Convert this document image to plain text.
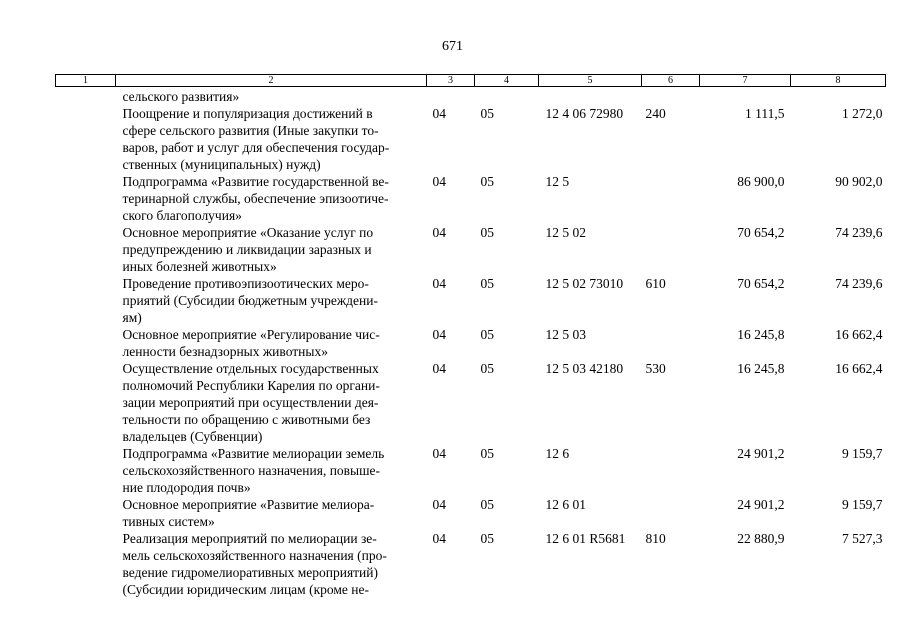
671
1	2	3	4	5	6	7	8

	сельского развития»						

	Поощрение и популяризация достижений в
сфере сельского развития (Иные закупки то-
варов, работ и услуг для обеспечения государ-
ственных (муниципальных) нужд)	04	05	12 4 06 72980	240	1 111,5	1 272,0

	Подпрограмма «Развитие государственной ве-
теринарной службы, обеспечение эпизоотиче-
ского благополучия»	04	05	12 5		86 900,0	90 902,0

	Основное мероприятие «Оказание услуг по
предупреждению и ликвидации заразных и
иных болезней животных»	04	05	12 5 02		70 654,2	74 239,6

	Проведение противоэпизоотических меро-
приятий (Субсидии бюджетным учреждени-
ям)	04	05	12 5 02 73010	610	70 654,2	74 239,6

	Основное мероприятие «Регулирование чис-
ленности безнадзорных животных»	04	05	12 5 03		16 245,8	16 662,4

	Осуществление отдельных государственных
полномочий Республики Карелия по органи-
зации мероприятий при осуществлении дея-
тельности по обращению с животными без
владельцев (Субвенции)	04	05	12 5 03 42180	530	16 245,8	16 662,4

	Подпрограмма «Развитие мелиорации земель
сельскохозяйственного назначения, повыше-
ние плодородия почв»	04	05	12 6		24 901,2	9 159,7

	Основное мероприятие «Развитие мелиора-
тивных систем»	04	05	12 6 01		24 901,2	9 159,7

	Реализация мероприятий по мелиорации зе-
мель сельскохозяйственного назначения (про-
ведение гидромелиоративных мероприятий)
(Субсидии юридическим лицам (кроме не-	04	05	12 6 01 R5681	810	22 880,9	7 527,3
